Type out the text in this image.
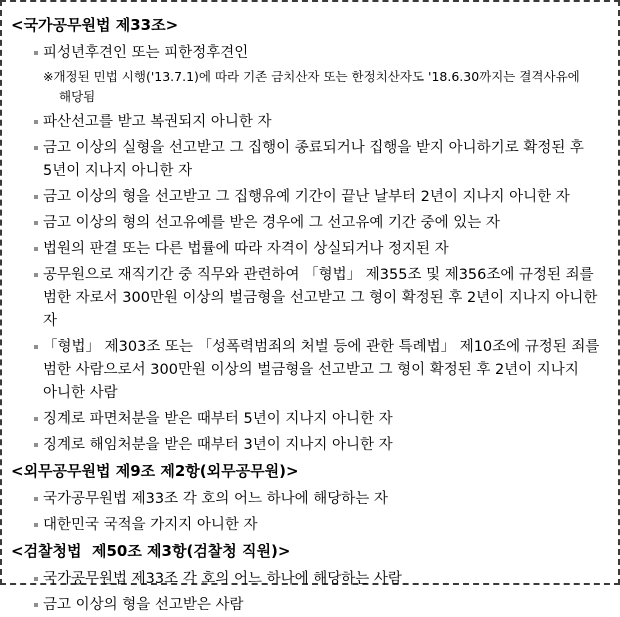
<국가공무원법 제33조>
피성년후견인 또는 피한정후견인
※개정된 민법 시행('13.7.1)에 따라 기존 금치산자 또는 한정치산자도 '18.6.30까지는 결격사유에 해당됨
파산선고를 받고 복권되지 아니한 자
금고 이상의 실형을 선고받고 그 집행이 종료되거나 집행을 받지 아니하기로 확정된 후 5년이 지나지 아니한 자
금고 이상의 형을 선고받고 그 집행유예 기간이 끝난 날부터 2년이 지나지 아니한 자
금고 이상의 형의 선고유예를 받은 경우에 그 선고유예 기간 중에 있는 자
법원의 판결 또는 다른 법률에 따라 자격이 상실되거나 정지된 자
공무원으로 재직기간 중 직무와 관련하여 「형법」 제355조 및 제356조에 규정된 죄를 범한 자로서 300만원 이상의 벌금형을 선고받고 그 형이 확정된 후 2년이 지나지 아니한 자
「형법」 제303조 또는 「성폭력범죄의 처벌 등에 관한 특례법」 제10조에 규정된 죄를 범한 사람으로서 300만원 이상의 벌금형을 선고받고 그 형이 확정된 후 2년이 지나지 아니한 사람
징계로 파면처분을 받은 때부터 5년이 지나지 아니한 자
징계로 해임처분을 받은 때부터 3년이 지나지 아니한 자
<외무공무원법 제9조 제2항(외무공무원)>
국가공무원법 제33조 각 호의 어느 하나에 해당하는 자
대한민국 국적을 가지지 아니한 자
<검찰청법  제50조 제3항(검찰청 직원)>
국가공무원법 제33조 각 호의 어느 하나에 해당하는 사람
금고 이상의 형을 선고받은 사람
